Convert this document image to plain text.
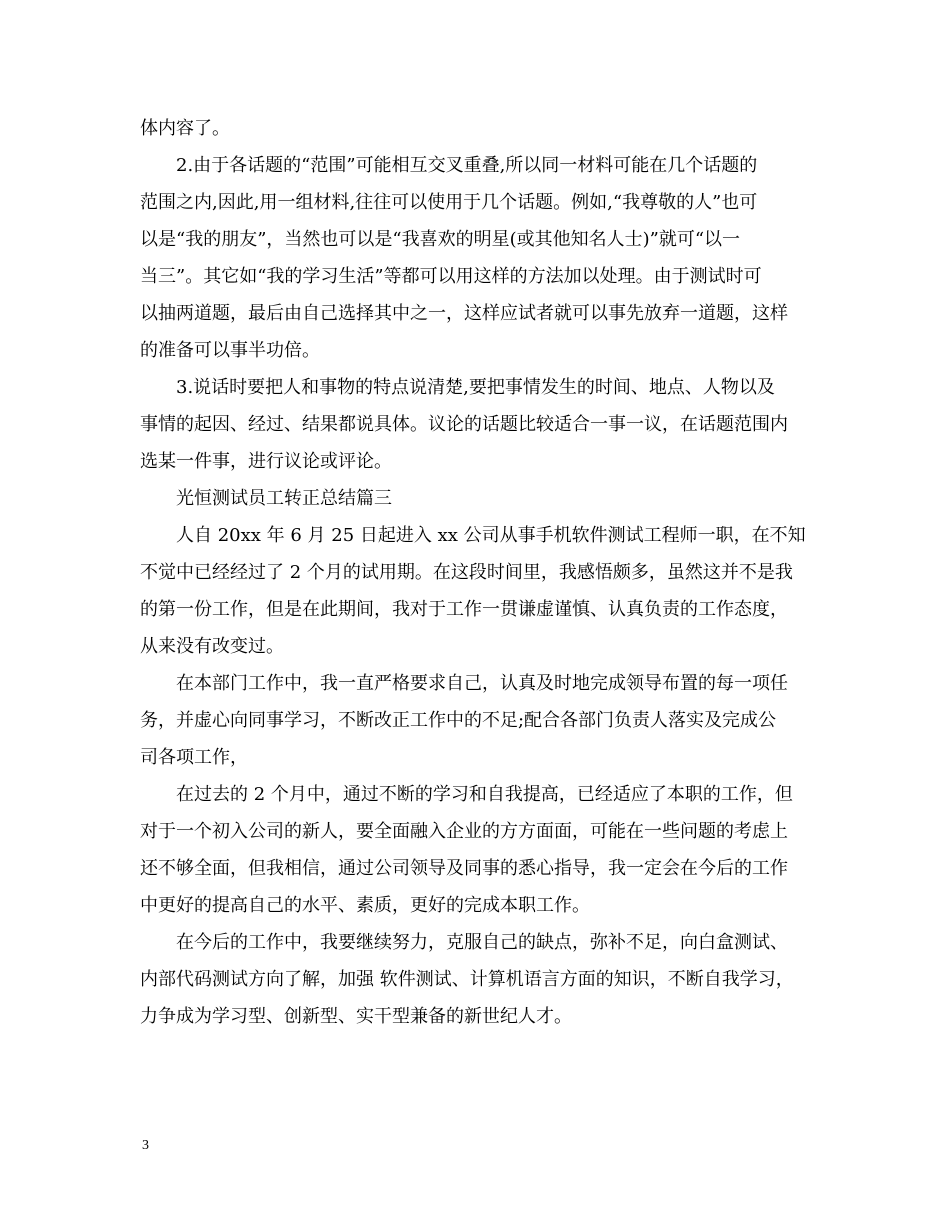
体内容了。
2.由于各话题的“范围”可能相互交叉重叠,所以同一材料可能在几个话题的
范围之内,因此,用一组材料,往往可以使用于几个话题。例如,“我尊敬的人”也可
以是“我的朋友”，当然也可以是“我喜欢的明星(或其他知名人士)”就可“以一
当三”。其它如“我的学习生活”等都可以用这样的方法加以处理。由于测试时可
以抽两道题，最后由自己选择其中之一，这样应试者就可以事先放弃一道题，这样
的准备可以事半功倍。
3.说话时要把人和事物的特点说清楚,要把事情发生的时间、地点、人物以及
事情的起因、经过、结果都说具体。议论的话题比较适合一事一议，在话题范围内
选某一件事，进行议论或评论。
光恒测试员工转正总结篇三
人自 20xx 年 6 月 25 日起进入 xx 公司从事手机软件测试工程师一职，在不知
不觉中已经经过了 2 个月的试用期。在这段时间里，我感悟颇多，虽然这并不是我
的第一份工作，但是在此期间，我对于工作一贯谦虚谨慎、认真负责的工作态度，
从来没有改变过。
在本部门工作中，我一直严格要求自己，认真及时地完成领导布置的每一项任
务，并虚心向同事学习，不断改正工作中的不足;配合各部门负责人落实及完成公
司各项工作，
在过去的 2 个月中，通过不断的学习和自我提高，已经适应了本职的工作，但
对于一个初入公司的新人，要全面融入企业的方方面面，可能在一些问题的考虑上
还不够全面，但我相信，通过公司领导及同事的悉心指导，我一定会在今后的工作
中更好的提高自己的水平、素质，更好的完成本职工作。
在今后的工作中，我要继续努力，克服自己的缺点，弥补不足，向白盒测试、
内部代码测试方向了解，加强 软件测试、计算机语言方面的知识，不断自我学习，
力争成为学习型、创新型、实干型兼备的新世纪人才。
3
